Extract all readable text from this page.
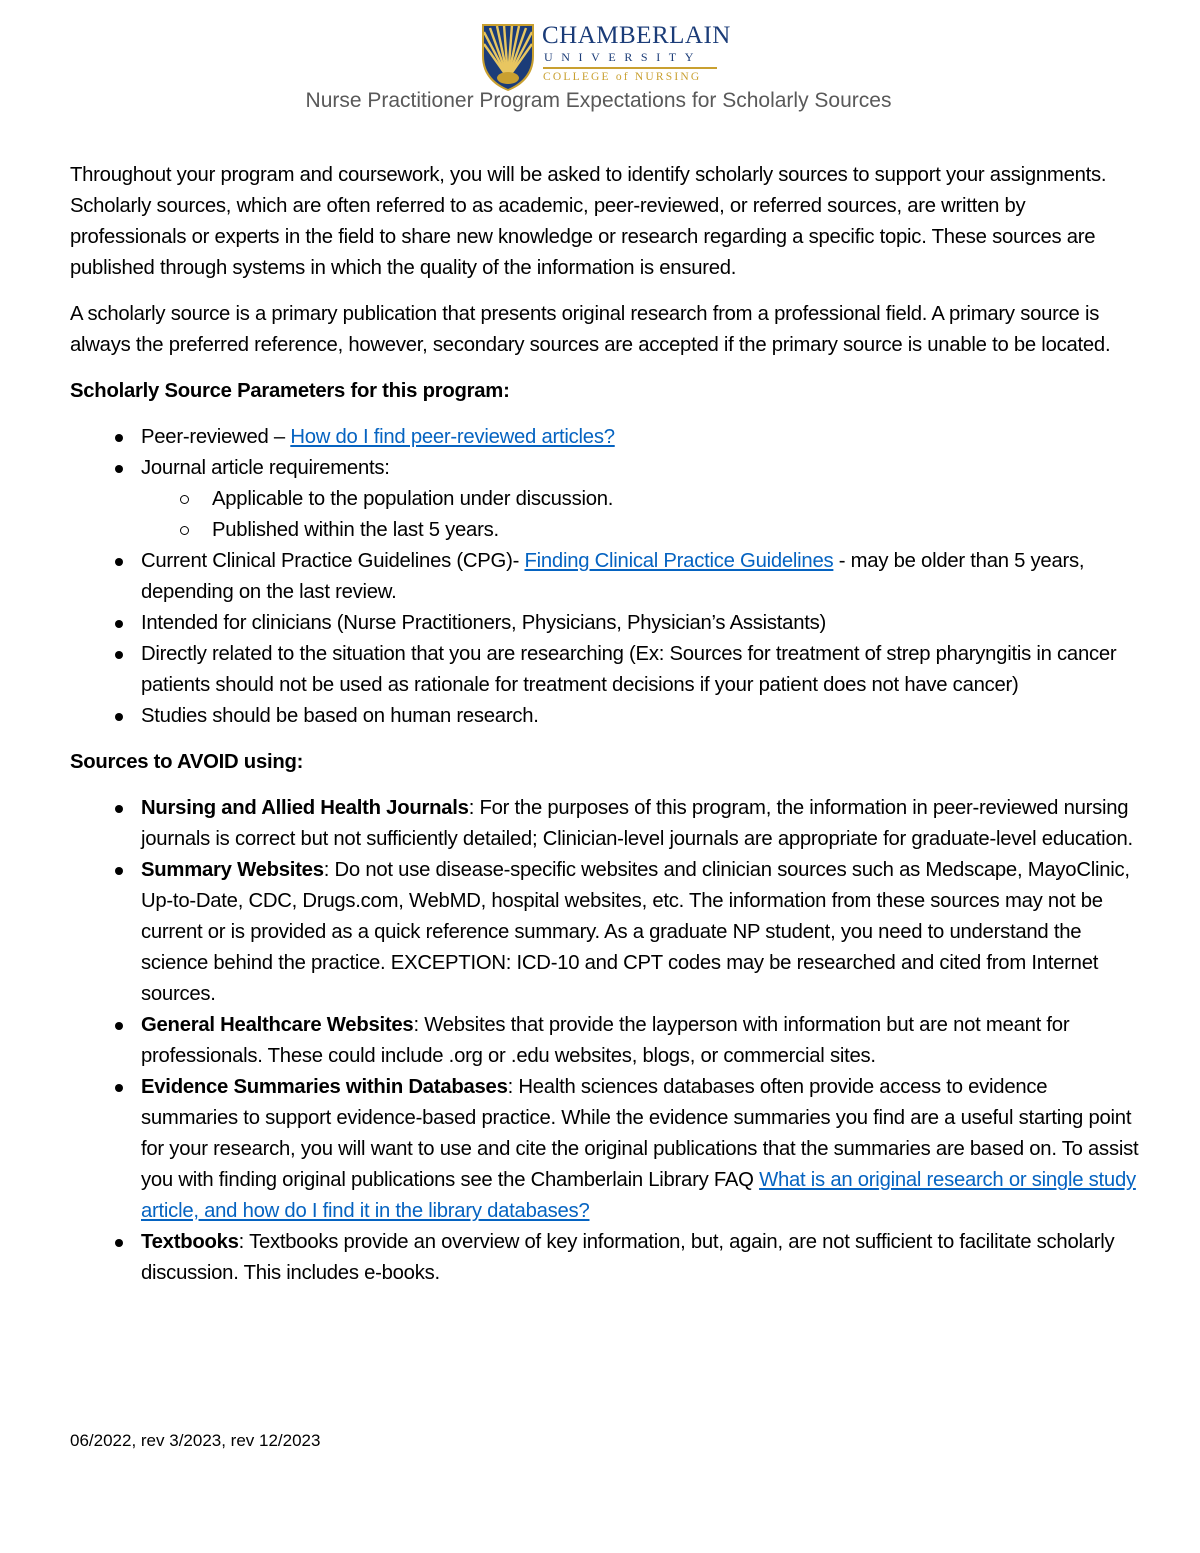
CHAMBERLAIN
UNIVERSITY
COLLEGE of NURSING
Nurse Practitioner Program Expectations for Scholarly Sources

Throughout your program and coursework, you will be asked to identify scholarly sources to support your assignments. Scholarly sources, which are often referred to as academic, peer-reviewed, or referred sources, are written by professionals or experts in the field to share new knowledge or research regarding a specific topic. These sources are published through systems in which the quality of the information is ensured.

A scholarly source is a primary publication that presents original research from a professional field. A primary source is always the preferred reference, however, secondary sources are accepted if the primary source is unable to be located.

Scholarly Source Parameters for this program:

Peer-reviewed – How do I find peer-reviewed articles?
Journal article requirements:
Applicable to the population under discussion.
Published within the last 5 years.
Current Clinical Practice Guidelines (CPG)- Finding Clinical Practice Guidelines - may be older than 5 years, depending on the last review.
Intended for clinicians (Nurse Practitioners, Physicians, Physician’s Assistants)
Directly related to the situation that you are researching (Ex: Sources for treatment of strep pharyngitis in cancer patients should not be used as rationale for treatment decisions if your patient does not have cancer)
Studies should be based on human research.

Sources to AVOID using:

Nursing and Allied Health Journals: For the purposes of this program, the information in peer-reviewed nursing journals is correct but not sufficiently detailed; Clinician-level journals are appropriate for graduate-level education.
Summary Websites: Do not use disease-specific websites and clinician sources such as Medscape, MayoClinic, Up-to-Date, CDC, Drugs.com, WebMD, hospital websites, etc. The information from these sources may not be current or is provided as a quick reference summary. As a graduate NP student, you need to understand the science behind the practice. EXCEPTION: ICD-10 and CPT codes may be researched and cited from Internet sources.
General Healthcare Websites: Websites that provide the layperson with information but are not meant for professionals. These could include .org or .edu websites, blogs, or commercial sites.
Evidence Summaries within Databases: Health sciences databases often provide access to evidence summaries to support evidence-based practice. While the evidence summaries you find are a useful starting point for your research, you will want to use and cite the original publications that the summaries are based on. To assist you with finding original publications see the Chamberlain Library FAQ What is an original research or single study article, and how do I find it in the library databases?
Textbooks: Textbooks provide an overview of key information, but, again, are not sufficient to facilitate scholarly discussion. This includes e-books.
06/2022, rev 3/2023, rev 12/2023
